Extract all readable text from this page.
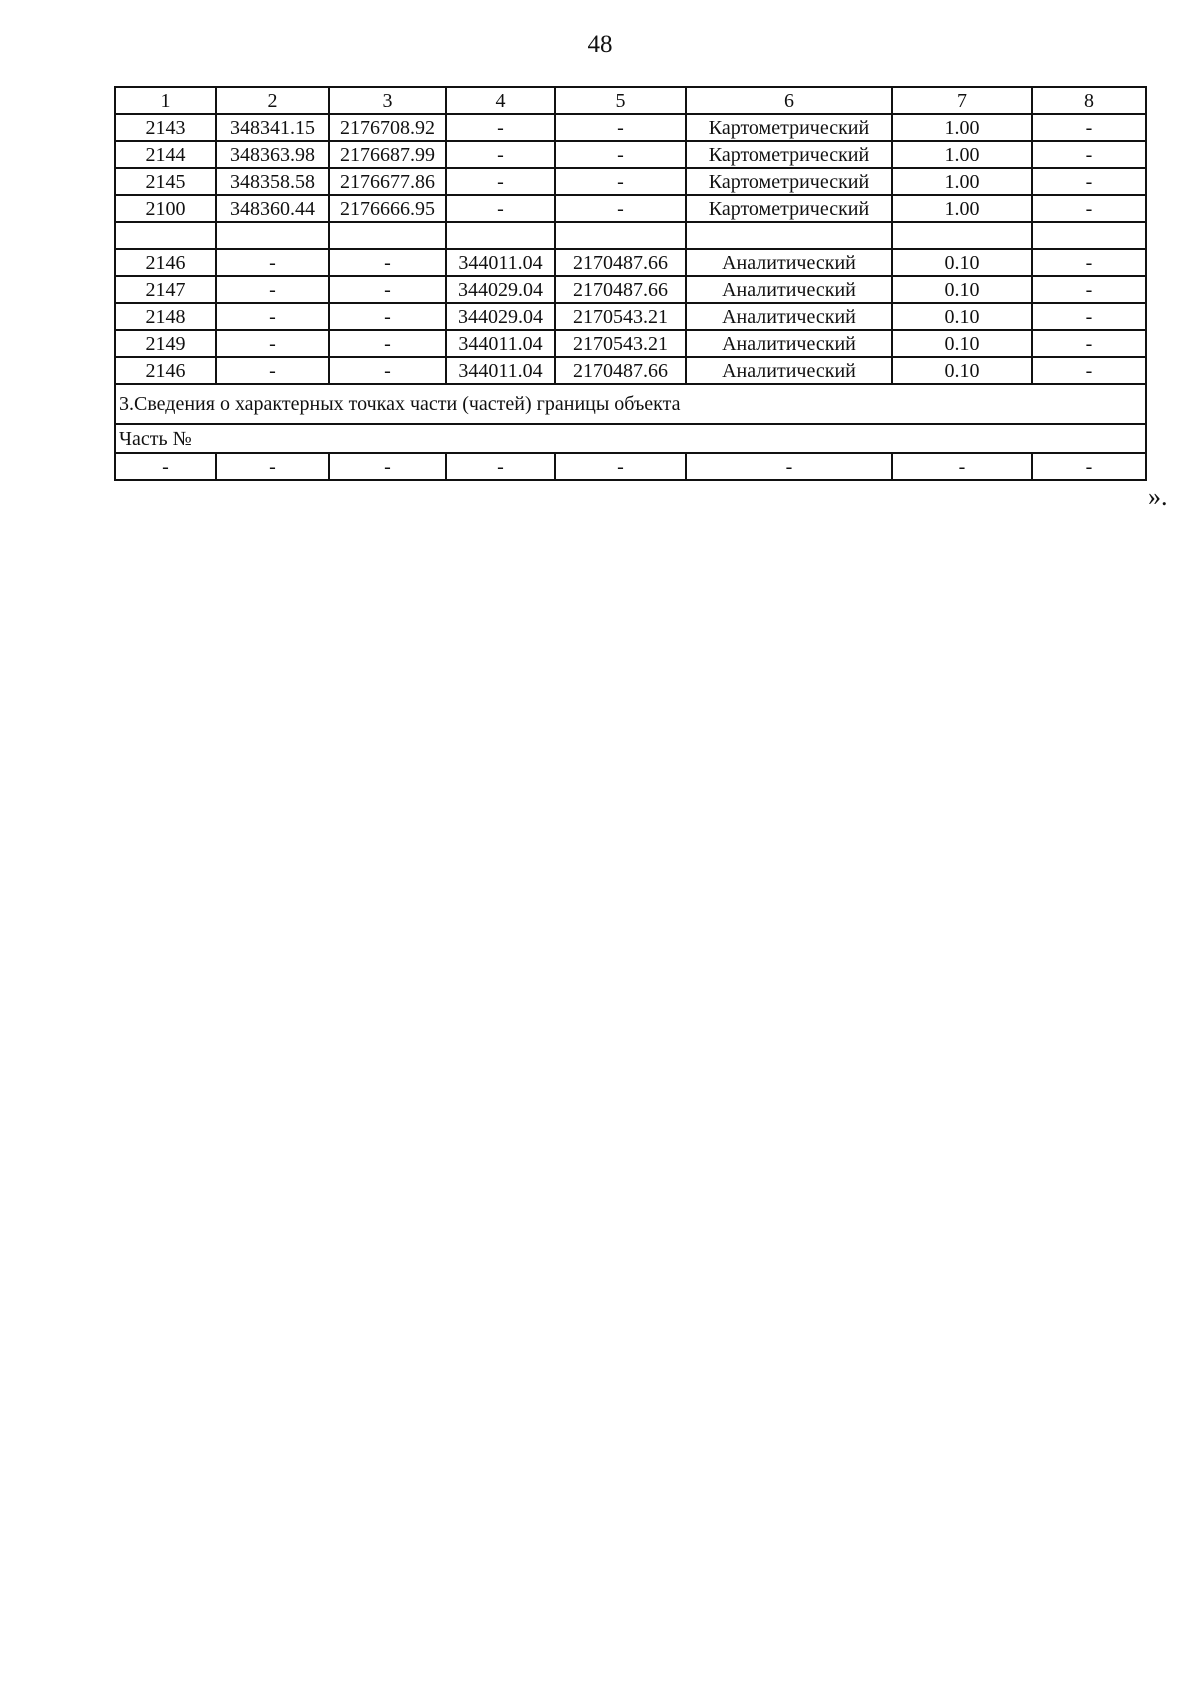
48
1	2	3	4	5	6	7	8
2143	348341.15	2176708.92	-	-	Картометрический	1.00	-
2144	348363.98	2176687.99	-	-	Картометрический	1.00	-
2145	348358.58	2176677.86	-	-	Картометрический	1.00	-
2100	348360.44	2176666.95	-	-	Картометрический	1.00	-

2146	-	-	344011.04	2170487.66	Аналитический	0.10	-
2147	-	-	344029.04	2170487.66	Аналитический	0.10	-
2148	-	-	344029.04	2170543.21	Аналитический	0.10	-
2149	-	-	344011.04	2170543.21	Аналитический	0.10	-
2146	-	-	344011.04	2170487.66	Аналитический	0.10	-
3.Сведения о характерных точках части (частей) границы объекта							
Часть №							
-	-	-	-	-	-	-	-
».
